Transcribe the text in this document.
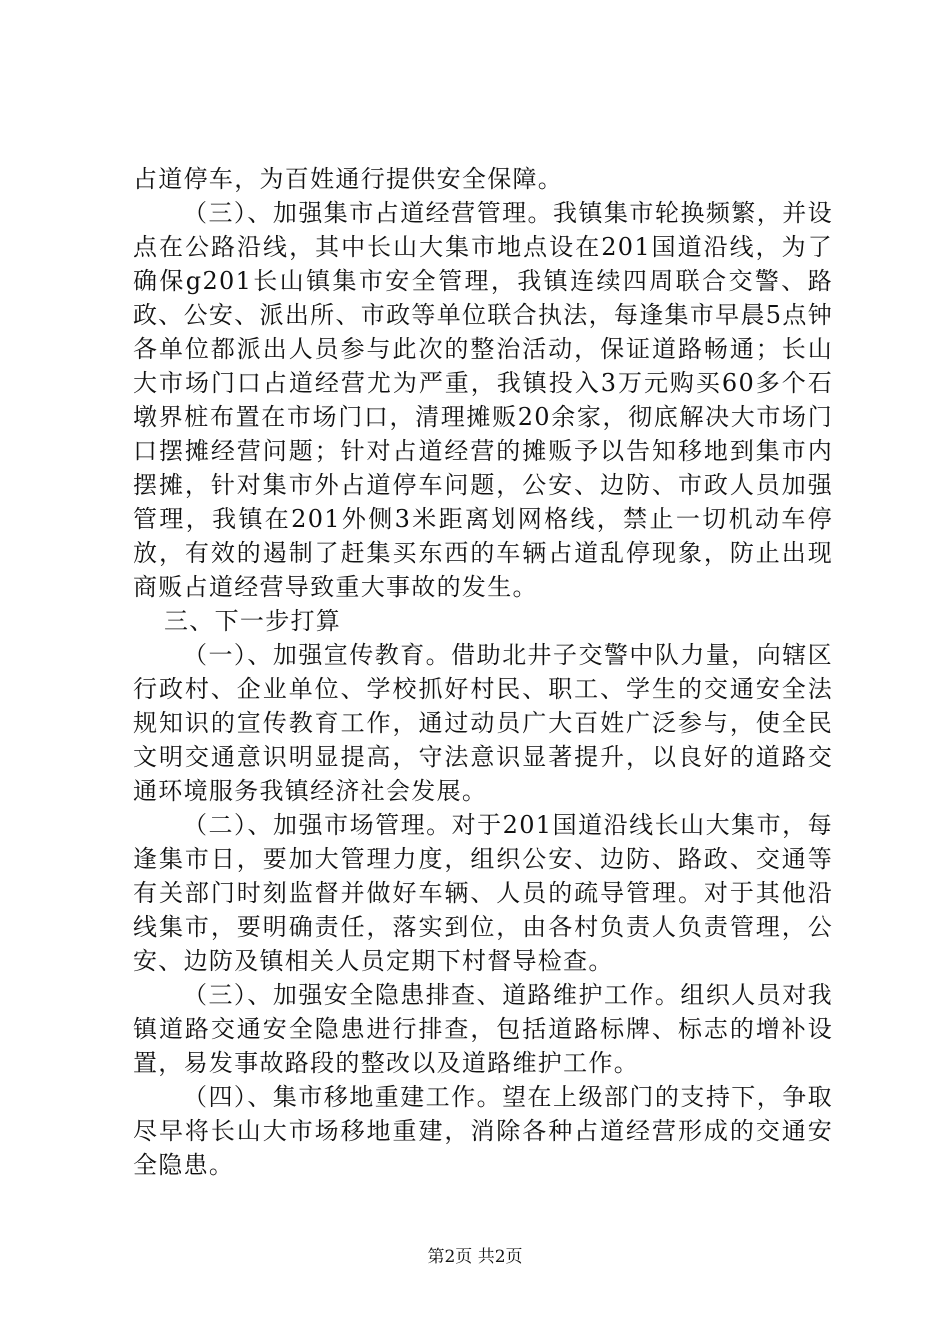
占道停车，为百姓通行提供安全保障。

（三）、加强集市占道经营管理。我镇集市轮换频繁，并设点在公路沿线，其中长山大集市地点设在201国道沿线，为了确保g201长山镇集市安全管理，我镇连续四周联合交警、路政、公安、派出所、市政等单位联合执法，每逢集市早晨5点钟各单位都派出人员参与此次的整治活动，保证道路畅通；长山大市场门口占道经营尤为严重，我镇投入3万元购买60多个石墩界桩布置在市场门口，清理摊贩20余家，彻底解决大市场门口摆摊经营问题；针对占道经营的摊贩予以告知移地到集市内摆摊，针对集市外占道停车问题，公安、边防、市政人员加强管理，我镇在201外侧3米距离划网格线，禁止一切机动车停放，有效的遏制了赶集买东西的车辆占道乱停现象，防止出现商贩占道经营导致重大事故的发生。

三、下一步打算

（一）、加强宣传教育。借助北井子交警中队力量，向辖区行政村、企业单位、学校抓好村民、职工、学生的交通安全法规知识的宣传教育工作，通过动员广大百姓广泛参与，使全民文明交通意识明显提高，守法意识显著提升，以良好的道路交通环境服务我镇经济社会发展。

（二）、加强市场管理。对于201国道沿线长山大集市，每逢集市日，要加大管理力度，组织公安、边防、路政、交通等有关部门时刻监督并做好车辆、人员的疏导管理。对于其他沿线集市，要明确责任，落实到位，由各村负责人负责管理，公安、边防及镇相关人员定期下村督导检查。

（三）、加强安全隐患排查、道路维护工作。组织人员对我镇道路交通安全隐患进行排查，包括道路标牌、标志的增补设置，易发事故路段的整改以及道路维护工作。

（四）、集市移地重建工作。望在上级部门的支持下，争取尽早将长山大市场移地重建，消除各种占道经营形成的交通安全隐患。

第2页 共2页
